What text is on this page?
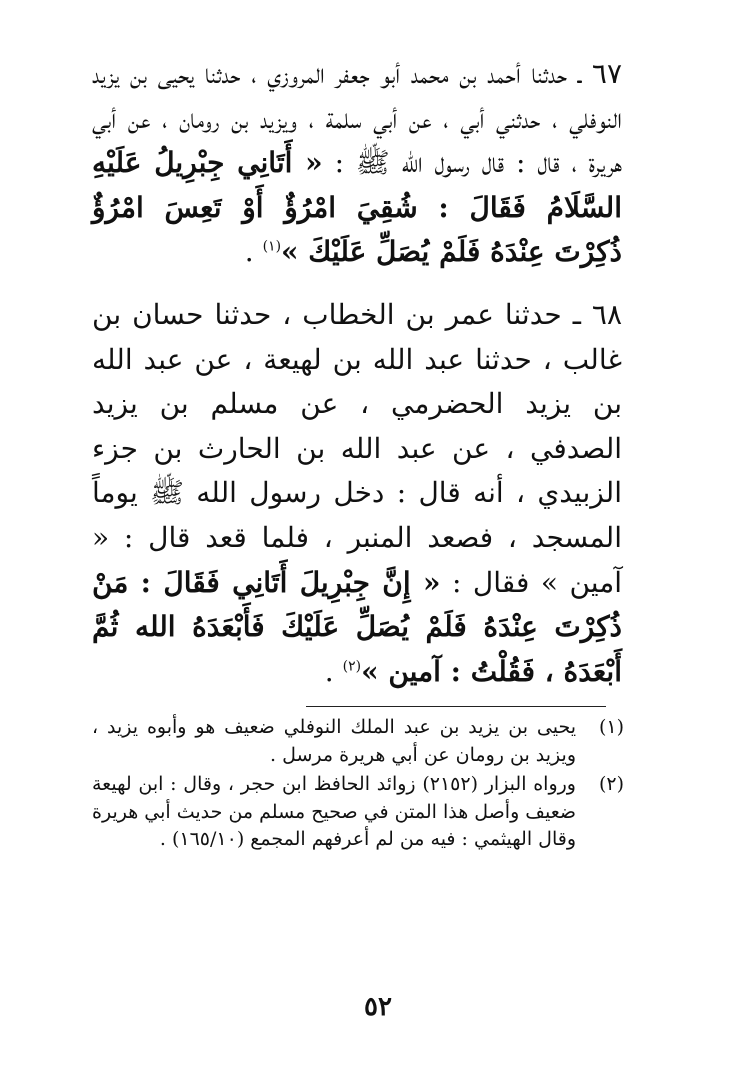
٦٧ ـ حدثنا أحمد بن محمد أبو جعفر المروزي ، حدثنا يحيى بن يزيد النوفلي ، حدثني أبي ، عن أبي سلمة ، ويزيد بن رومان ، عن أبي هريرة ، قال : قال رسول الله ﷺ : « أَتَانِي جِبْرِيلُ عَلَيْهِ السَّلَامُ فَقَالَ : شُقِيَ امْرُؤٌ أَوْ تَعِسَ امْرُؤٌ ذُكِرْتَ عِنْدَهُ فَلَمْ يُصَلِّ عَلَيْكَ »$^{(١)}$ .

٦٨ ـ حدثنا عمر بن الخطاب ، حدثنا حسان بن غالب ، حدثنا عبد الله بن لهيعة ، عن عبد الله بن يزيد الحضرمي ، عن مسلم بن يزيد الصدفي ، عن عبد الله بن الحارث بن جزء الزبيدي ، أنه قال : دخل رسول الله ﷺ يوماً المسجد ، فصعد المنبر ، فلما قعد قال : « آمين » فقال : « إِنَّ جِبْرِيلَ أَتَانِي فَقَالَ : مَنْ ذُكِرْتَ عِنْدَهُ فَلَمْ يُصَلِّ عَلَيْكَ فَأَبْعَدَهُ الله ثُمَّ أَبْعَدَهُ ، فَقُلْتُ : آمين »$^{(٢)}$ .

(١)
يحيى بن يزيد بن عبد الملك النوفلي ضعيف هو وأبوه يزيد ، ويزيد بن رومان عن أبي هريرة مرسل .
(٢)
ورواه البزار (٢١٥٢) زوائد الحافظ ابن حجر ، وقال : ابن لهيعة ضعيف وأصل هذا المتن في صحيح مسلم من حديث أبي هريرة وقال الهيثمي : فيه من لم أعرفهم المجمع (١٦٥/١٠) .
٥٢
